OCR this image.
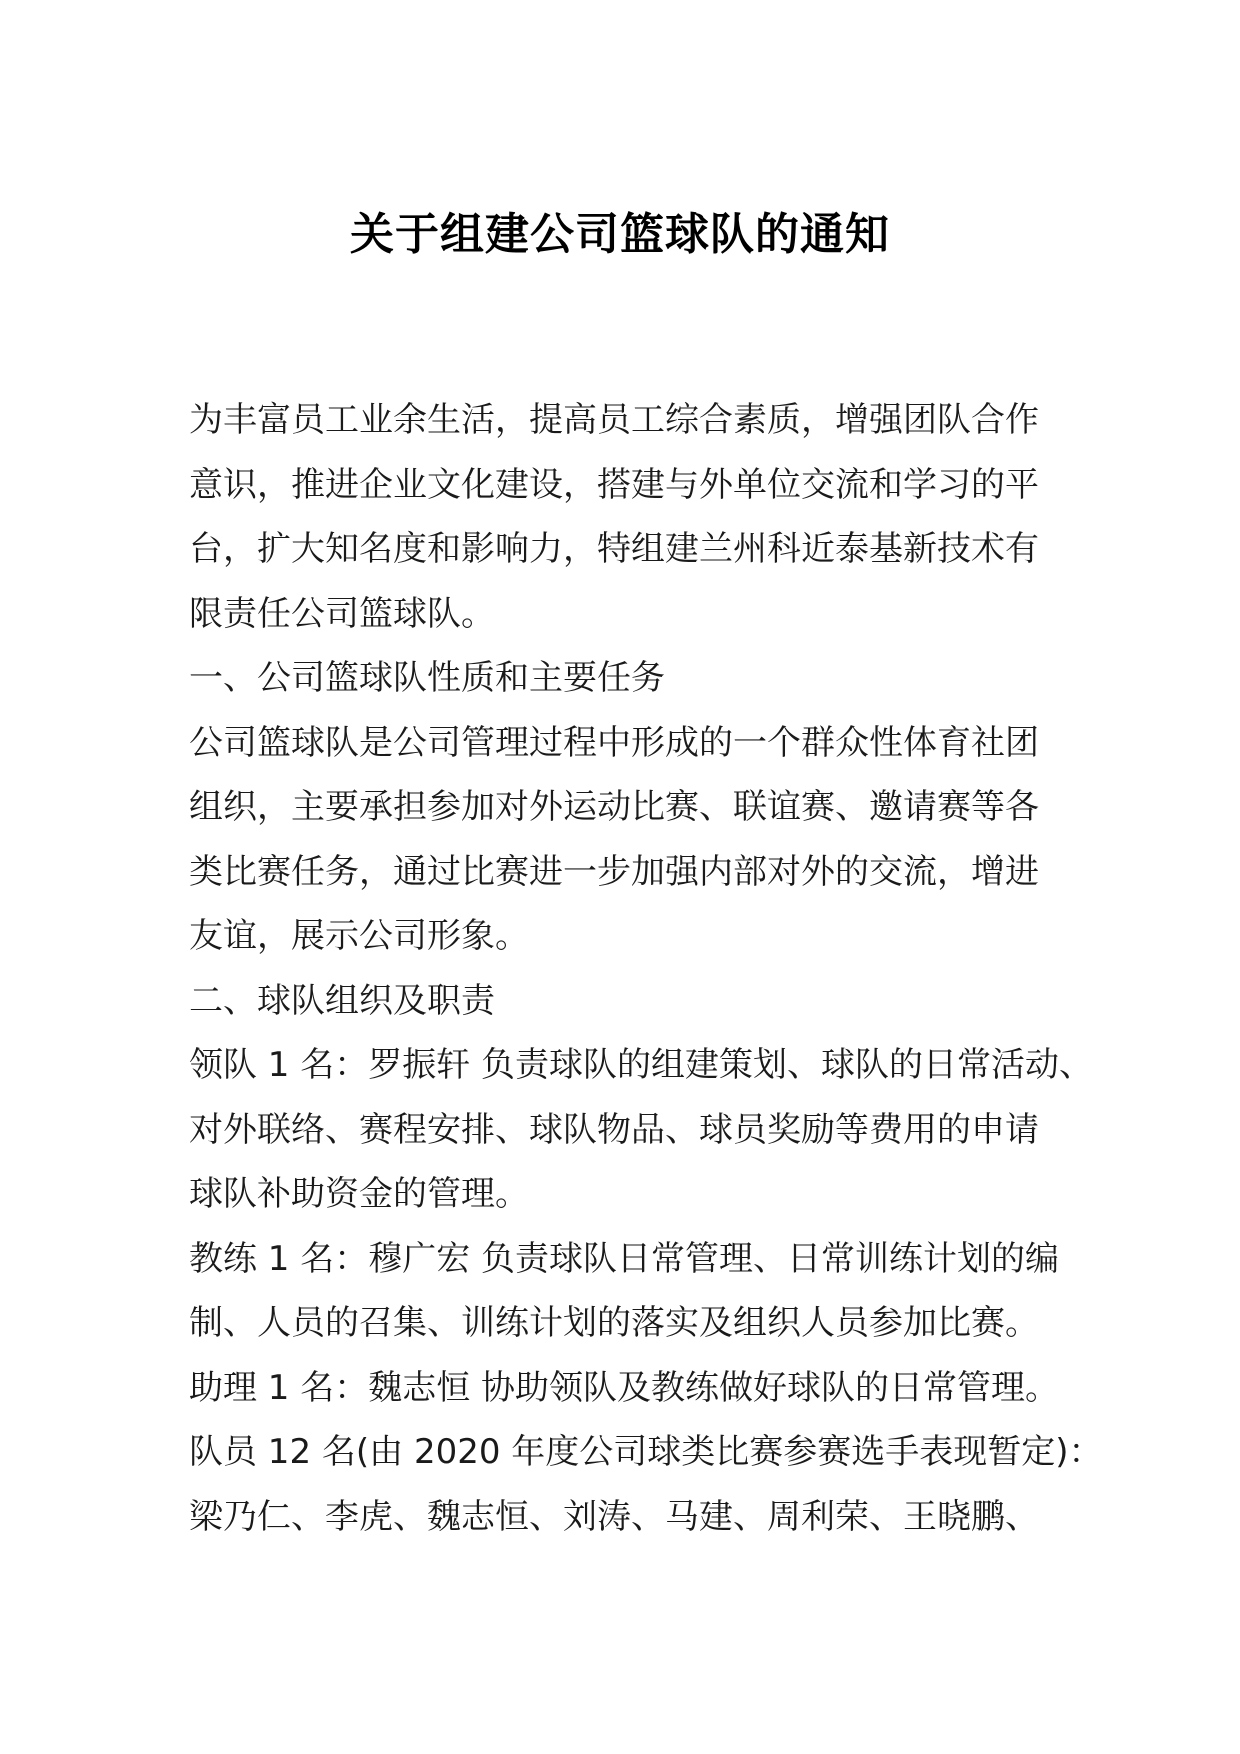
关于组建公司篮球队的通知
为丰富员工业余生活，提高员工综合素质，增强团队合作
意识，推进企业文化建设，搭建与外单位交流和学习的平
台，扩大知名度和影响力，特组建兰州科近泰基新技术有
限责任公司篮球队。
一、公司篮球队性质和主要任务
公司篮球队是公司管理过程中形成的一个群众性体育社团
组织，主要承担参加对外运动比赛、联谊赛、邀请赛等各
类比赛任务，通过比赛进一步加强内部对外的交流，增进
友谊，展示公司形象。
二、球队组织及职责
领队 1 名：罗振轩 负责球队的组建策划、球队的日常活动、
对外联络、赛程安排、球队物品、球员奖励等费用的申请
球队补助资金的管理。
教练 1 名：穆广宏 负责球队日常管理、日常训练计划的编
制、人员的召集、训练计划的落实及组织人员参加比赛。
助理 1 名：魏志恒 协助领队及教练做好球队的日常管理。
队员 12 名(由 2020 年度公司球类比赛参赛选手表现暂定)：
梁乃仁、李虎、魏志恒、刘涛、马建、周利荣、王晓鹏、
